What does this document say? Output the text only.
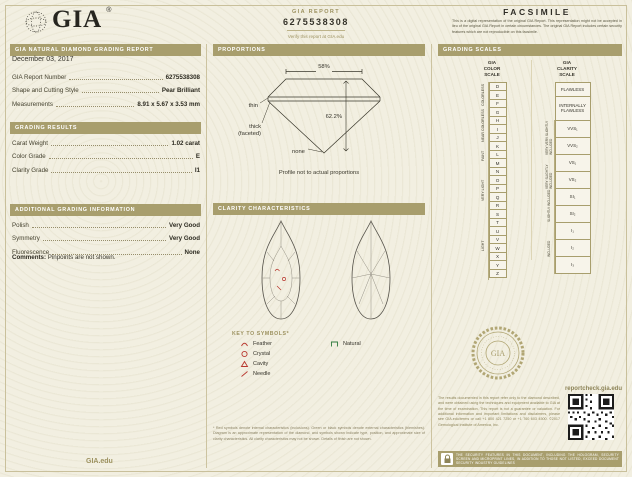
GIA ®	GIA REPORT
6275538308
Verify this report at GIA.edu
FACSIMILE
This is a digital representation of the original GIA Report. This representation might not be accepted in lieu of the original GIA Report in certain circumstances. The original GIA Report includes certain security features which are not reproducible on this facsimile.
GIA NATURAL DIAMOND GRADING REPORT
December 03, 2017
GIA Report Number	6275538308
Shape and Cutting Style	Pear Brilliant
Measurements	8.91 x 5.67 x 3.53 mm
GRADING RESULTS
Carat Weight	1.02 carat
Color Grade	E
Clarity Grade	I1
ADDITIONAL GRADING INFORMATION
Polish	Very Good
Symmetry	Very Good
Fluorescence	None
Comments: Pinpoints are not shown.
GIA.edu
PROPORTIONS
58%
thin
thick
(faceted)
62.2%
none
Profile not to actual proportions
CLARITY CHARACTERISTICS
KEY TO SYMBOLS*
Feather
Crystal
Cavity
Needle
Natural
* Red symbols denote internal characteristics (inclusions). Green or black symbols denote external characteristics (blemishes). Diagram is an approximate representation of the diamond, and symbols shown indicate type, position, and approximate size of clarity characteristics. All clarity characteristics may not be shown. Details of finish are not shown.
GRADING SCALES
GIA COLOR SCALE
COLORLESS
NEAR COLORLESS
FAINT
VERY LIGHT
LIGHT
D
E
F
G
H
I
J
K
L
M
N
O
P
Q
R
S
T
U
V
W
X
Y
Z
GIA CLARITY SCALE
VERY VERY SLIGHTLY INCLUDED
VERY SLIGHTLY INCLUDED
SLIGHTLY INCLUDED
INCLUDED
FLAWLESS
INTERNALLY FLAWLESS
VVS₁
VVS₂
VS₁
VS₂
SI₁
SI₂
I₁
I₂
I₃
GIA
reportcheck.gia.edu
The results documented in this report refer only to the diamond described, and were obtained using the techniques and equipment available to GIA at the time of examination. This report is not a guarantee or valuation. For additional information and important limitations and disclaimers, please see GIA.edu/terms or call +1 800 421 7250 or +1 760 603 4500. ©2017 Gemological Institute of America, Inc.
THE SECURITY FEATURES IN THIS DOCUMENT, INCLUDING THE HOLOGRAM, SECURITY SCREEN AND MICROPRINT LINES, IN ADDITION TO THOSE NOT LISTED, EXCEED DOCUMENT SECURITY INDUSTRY GUIDELINES
